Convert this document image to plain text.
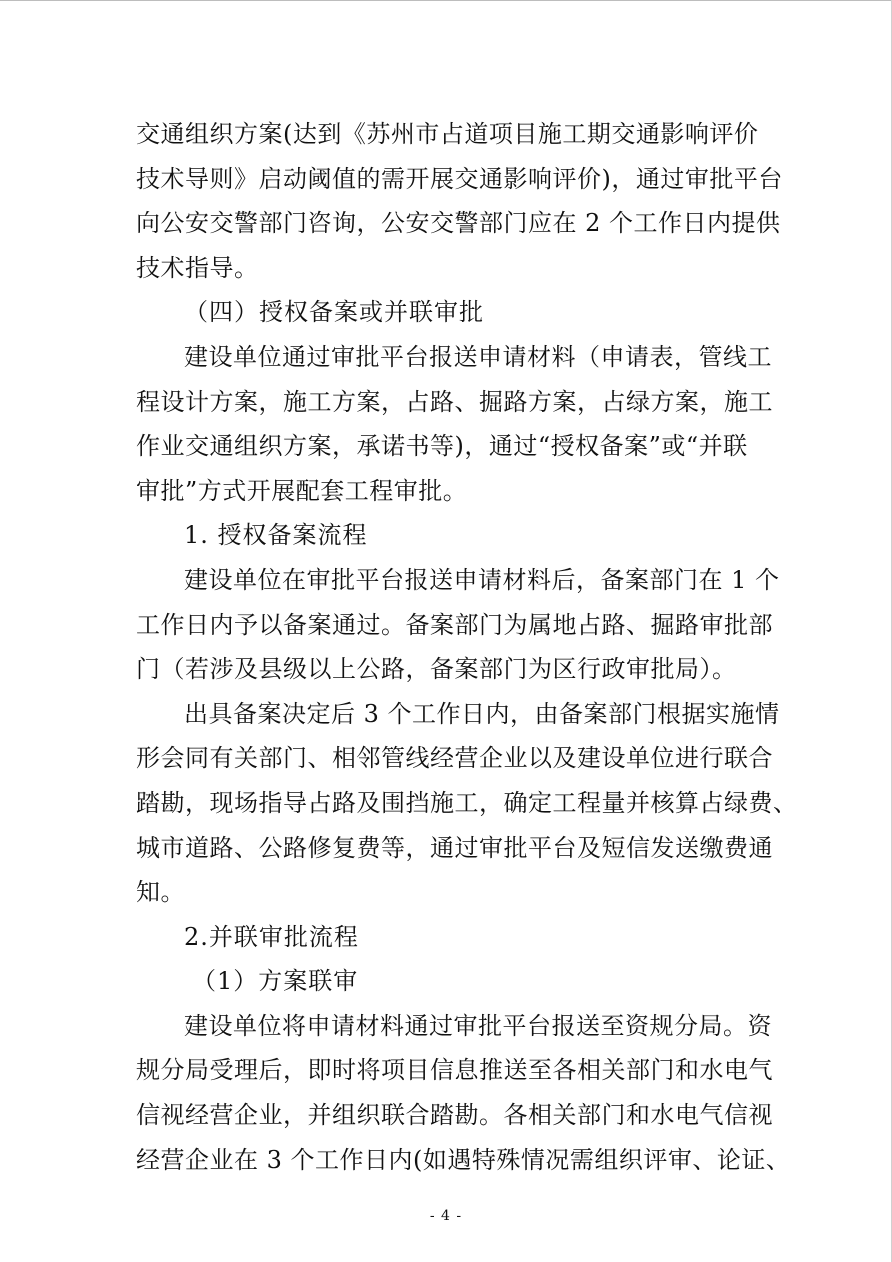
交通组织方案(达到《苏州市占道项目施工期交通影响评价
技术导则》启动阈值的需开展交通影响评价)，通过审批平台
向公安交警部门咨询，公安交警部门应在 2 个工作日内提供
技术指导。
（四）授权备案或并联审批
建设单位通过审批平台报送申请材料（申请表，管线工
程设计方案，施工方案，占路、掘路方案，占绿方案，施工
作业交通组织方案，承诺书等)，通过“授权备案”或“并联
审批”方式开展配套工程审批。
1. 授权备案流程
建设单位在审批平台报送申请材料后，备案部门在 1 个
工作日内予以备案通过。备案部门为属地占路、掘路审批部
门（若涉及县级以上公路，备案部门为区行政审批局）。
出具备案决定后 3 个工作日内，由备案部门根据实施情
形会同有关部门、相邻管线经营企业以及建设单位进行联合
踏勘，现场指导占路及围挡施工，确定工程量并核算占绿费、
城市道路、公路修复费等，通过审批平台及短信发送缴费通
知。
2.并联审批流程
（1）方案联审
建设单位将申请材料通过审批平台报送至资规分局。资
规分局受理后，即时将项目信息推送至各相关部门和水电气
信视经营企业，并组织联合踏勘。各相关部门和水电气信视
经营企业在 3 个工作日内(如遇特殊情况需组织评审、论证、
- 4 -
